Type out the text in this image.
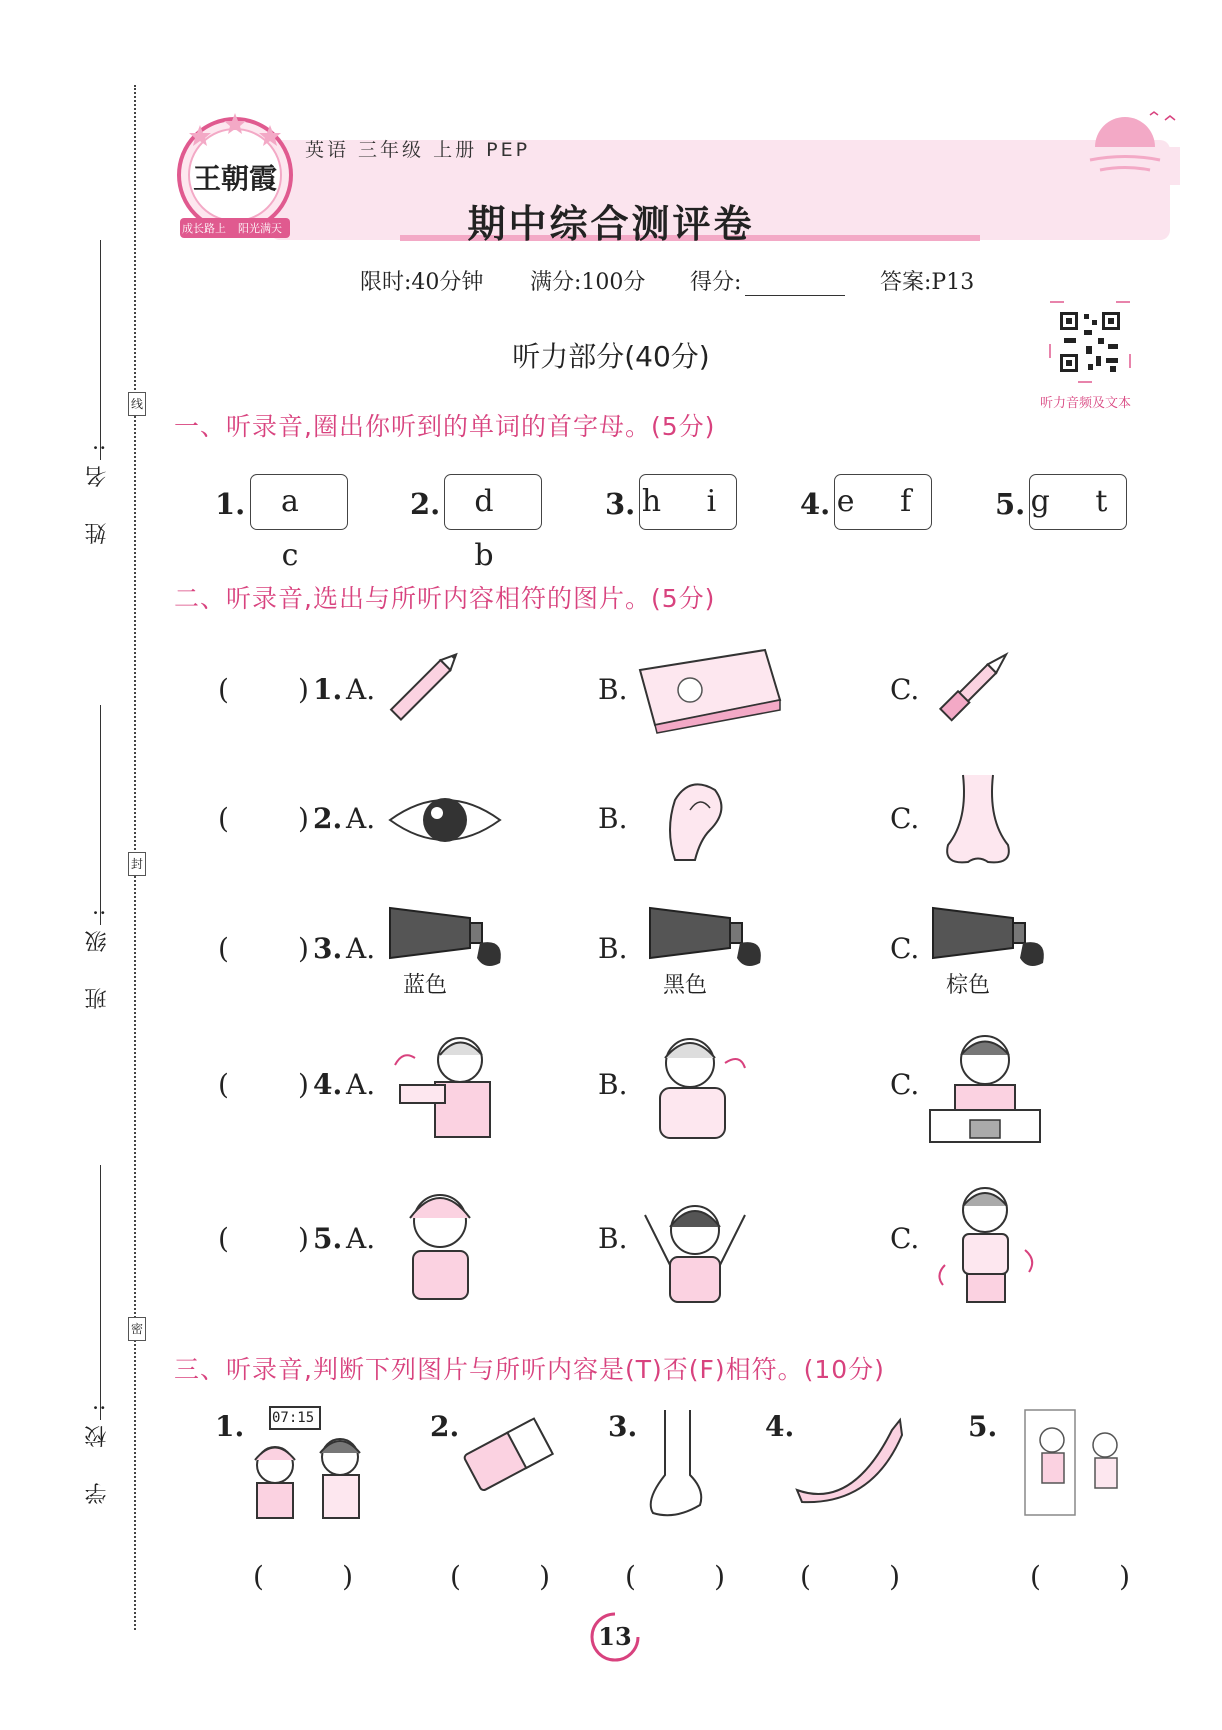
姓 名:
班 级:
学 校:
线
封
密
王朝霞
成长路上 阳光满天
英语 三年级 上册 PEP
期中综合测评卷
限时:40分钟 满分:100分 得分:	答案:P13
听力音频及文本
听力部分(40分)
一、听录音,圈出你听到的单词的首字母。(5分)
1.	a c
2.	d b
3. h i 4. e f 5. g t
二、听录音,选出与所听内容相符的图片。(5分)
( ) 1. A.	B.	C.
( ) 2. A.	B.	C.
( ) 3. A.	B.	C.
蓝色	黑色	棕色
( ) 4. A.	B.	C.
( ) 5. A.	B.	C.
三、听录音,判断下列图片与所听内容是(T)否(F)相符。(10分)
1. 07:15	2.	3.	4.	5.
(	)	(	)	(	)	(	)	(	)
13
